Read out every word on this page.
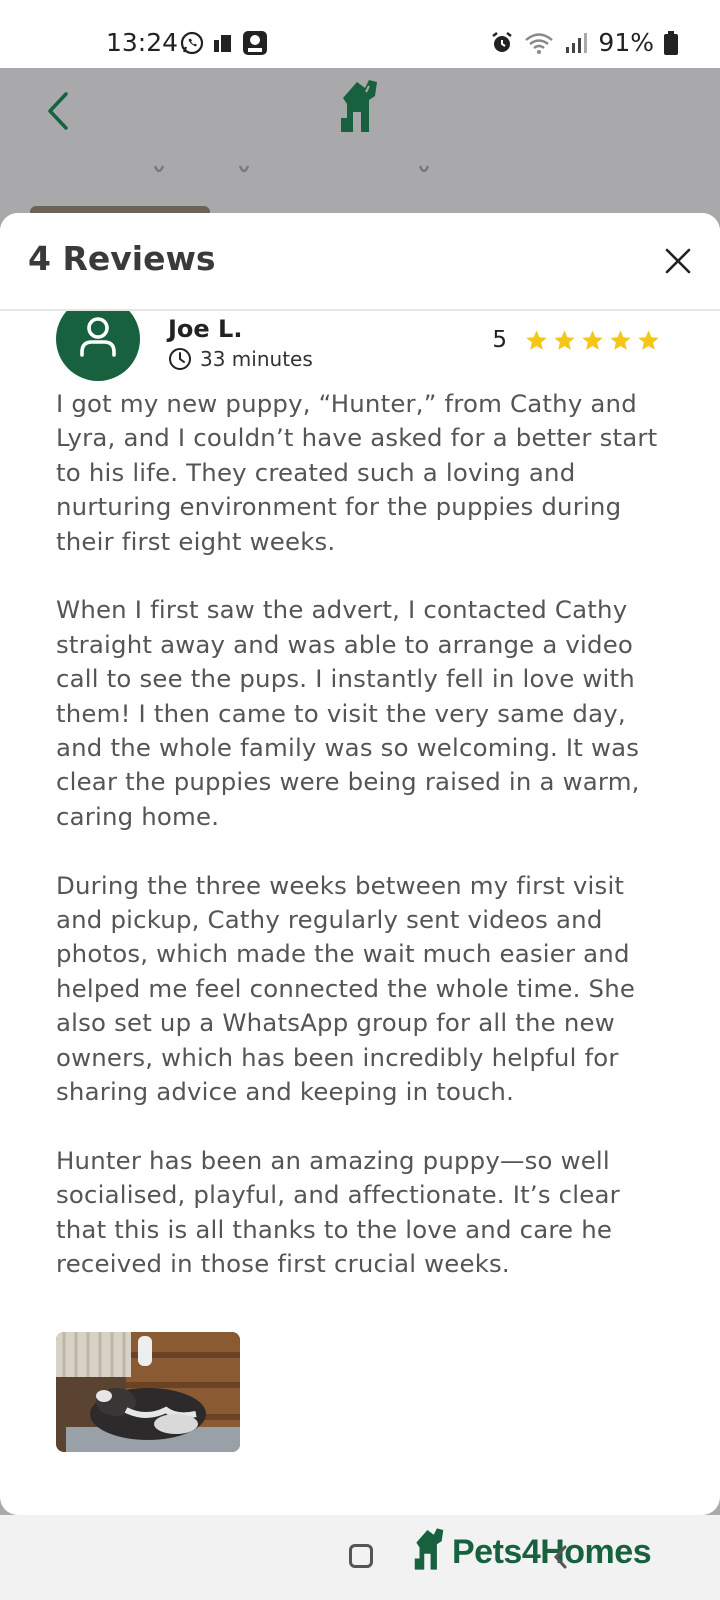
13:24	91%
4 Reviews
Joe L.
33 minutes
5

I got my new puppy, “Hunter,” from Cathy and Lyra, and I couldn’t have asked for a better start to his life. They created such a loving and nurturing environment for the puppies during their first eight weeks.

When I first saw the advert, I contacted Cathy straight away and was able to arrange a video call to see the pups. I instantly fell in love with them! I then came to visit the very same day, and the whole family was so welcoming. It was clear the puppies were being raised in a warm, caring home.

During the three weeks between my first visit and pickup, Cathy regularly sent videos and photos, which made the wait much easier and helped me feel connected the whole time. She also set up a WhatsApp group for all the new owners, which has been incredibly helpful for sharing advice and keeping in touch.

Hunter has been an amazing puppy—so well socialised, playful, and affectionate. It’s clear that this is all thanks to the love and care he received in those first crucial weeks.

Pets4Homes
